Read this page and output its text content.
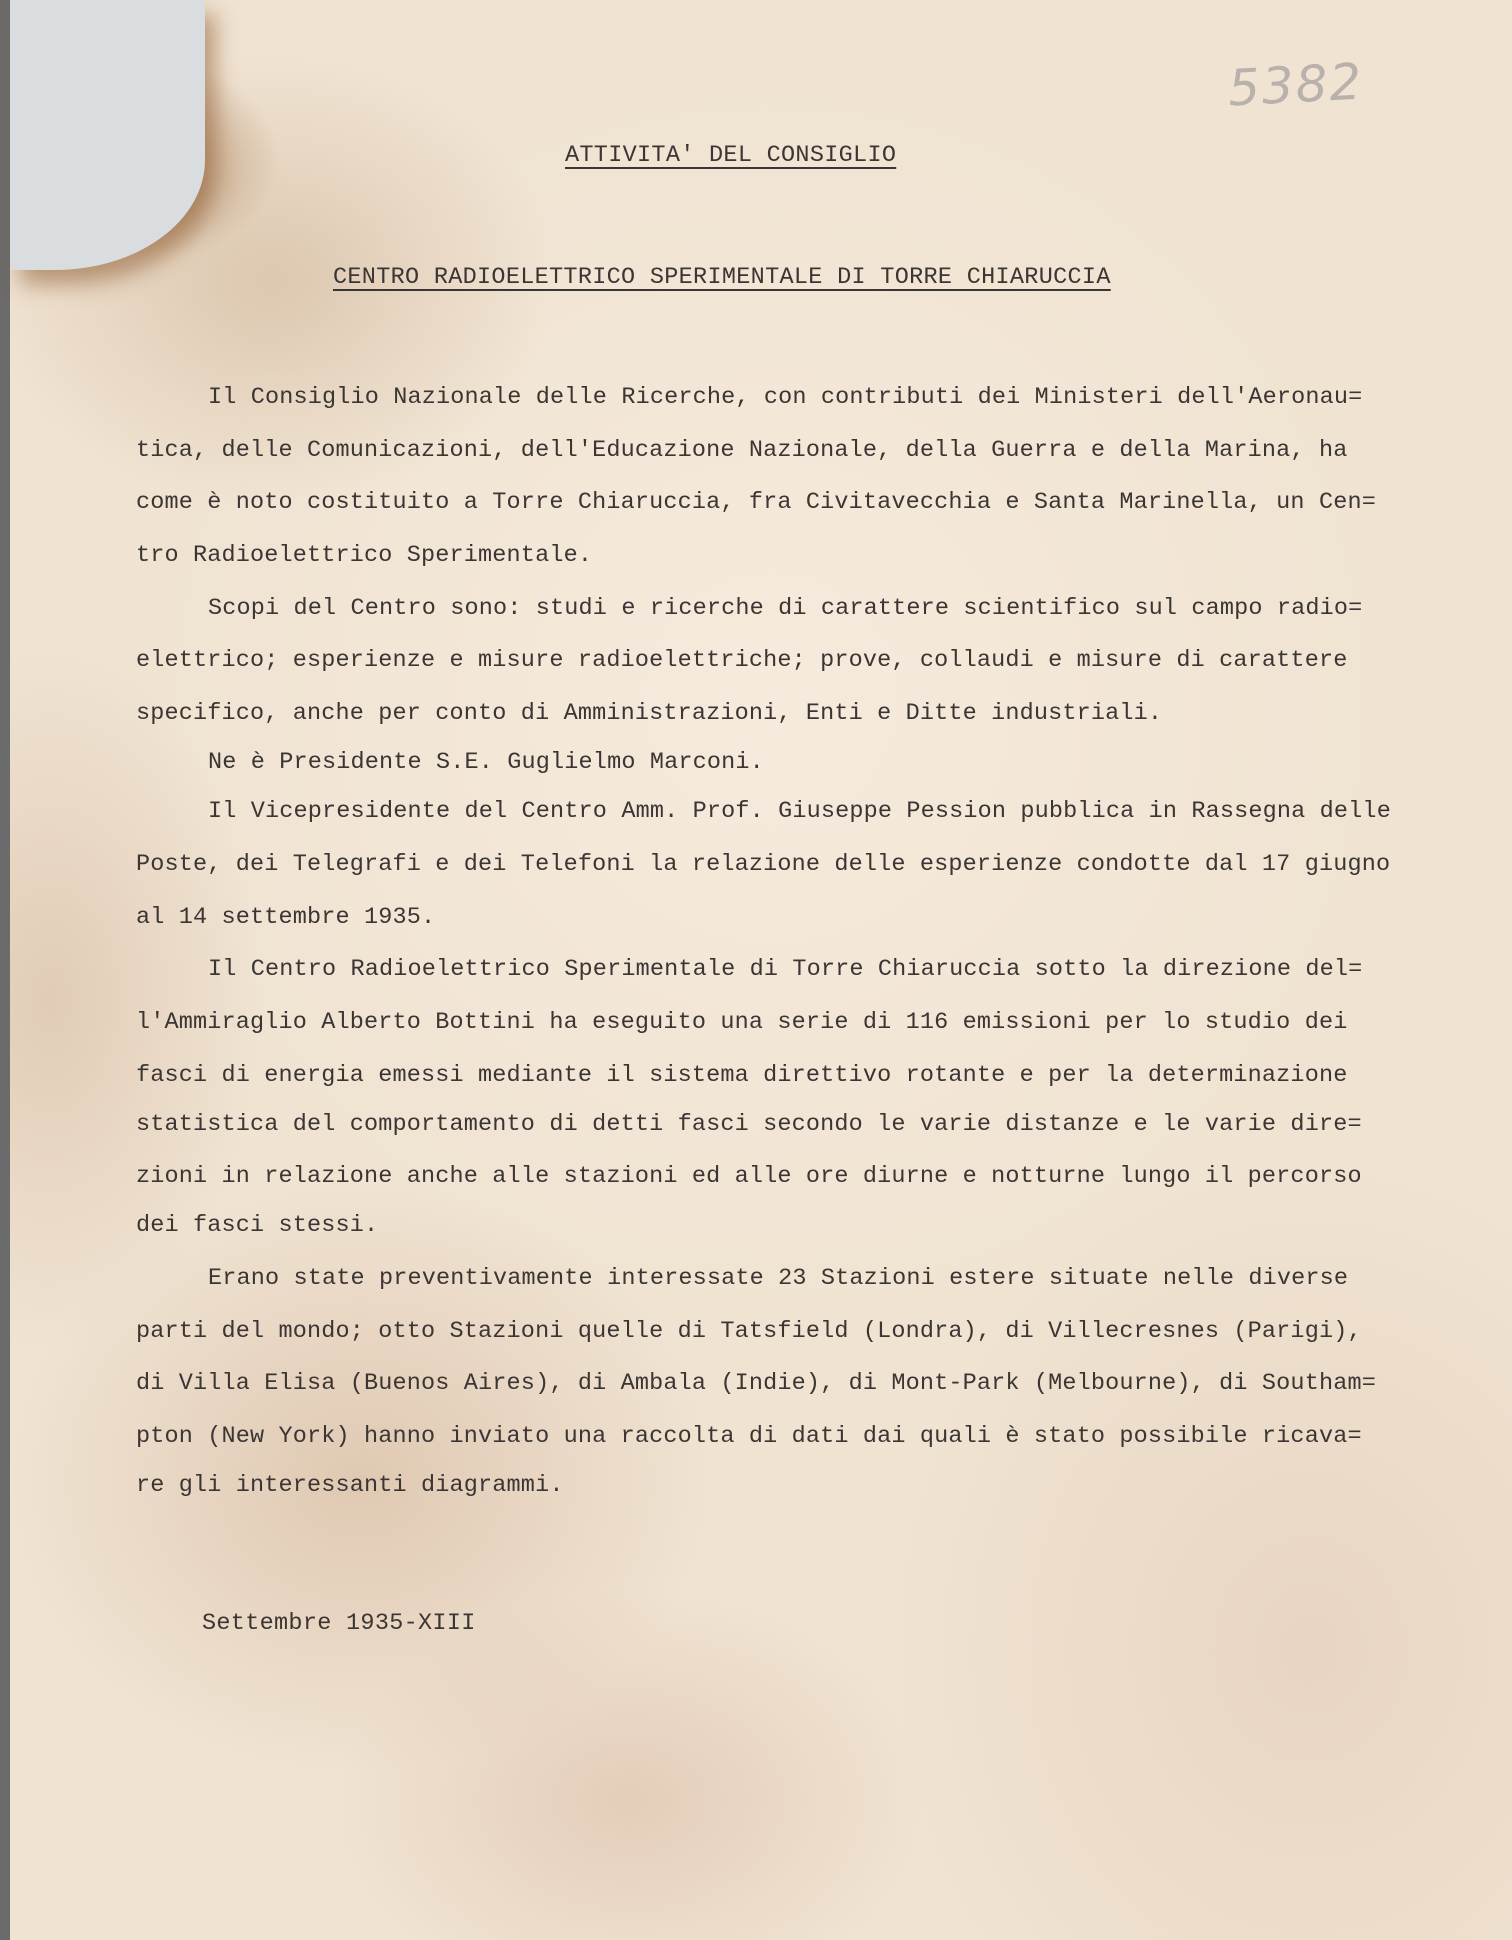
5382
ATTIVITA' DEL CONSIGLIO
CENTRO RADIOELETTRICO SPERIMENTALE DI TORRE CHIARUCCIA
Il Consiglio Nazionale delle Ricerche, con contributi dei Ministeri dell'Aeronau=
tica, delle Comunicazioni, dell'Educazione Nazionale, della Guerra e della Marina, ha
come è noto costituito a Torre Chiaruccia, fra Civitavecchia e Santa Marinella, un Cen=
tro Radioelettrico Sperimentale.
Scopi del Centro sono: studi e ricerche di carattere scientifico sul campo radio=
elettrico; esperienze e misure radioelettriche; prove, collaudi e misure di carattere
specifico, anche per conto di Amministrazioni, Enti e Ditte industriali.
Ne è Presidente S.E. Guglielmo Marconi.
Il Vicepresidente del Centro Amm. Prof. Giuseppe Pession pubblica in Rassegna delle
Poste, dei Telegrafi e dei Telefoni la relazione delle esperienze condotte dal 17 giugno
al 14 settembre 1935.
Il Centro Radioelettrico Sperimentale di Torre Chiaruccia sotto la direzione del=
l'Ammiraglio Alberto Bottini ha eseguito una serie di 116 emissioni per lo studio dei
fasci di energia emessi mediante il sistema direttivo rotante e per la determinazione
statistica del comportamento di detti fasci secondo le varie distanze e le varie dire=
zioni in relazione anche alle stazioni ed alle ore diurne e notturne lungo il percorso
dei fasci stessi.
Erano state preventivamente interessate 23 Stazioni estere situate nelle diverse
parti del mondo; otto Stazioni quelle di Tatsfield (Londra), di Villecresnes (Parigi),
di Villa Elisa (Buenos Aires), di Ambala (Indie), di Mont-Park (Melbourne), di Southam=
pton (New York) hanno inviato una raccolta di dati dai quali è stato possibile ricava=
re gli interessanti diagrammi.

Settembre 1935-XIII
